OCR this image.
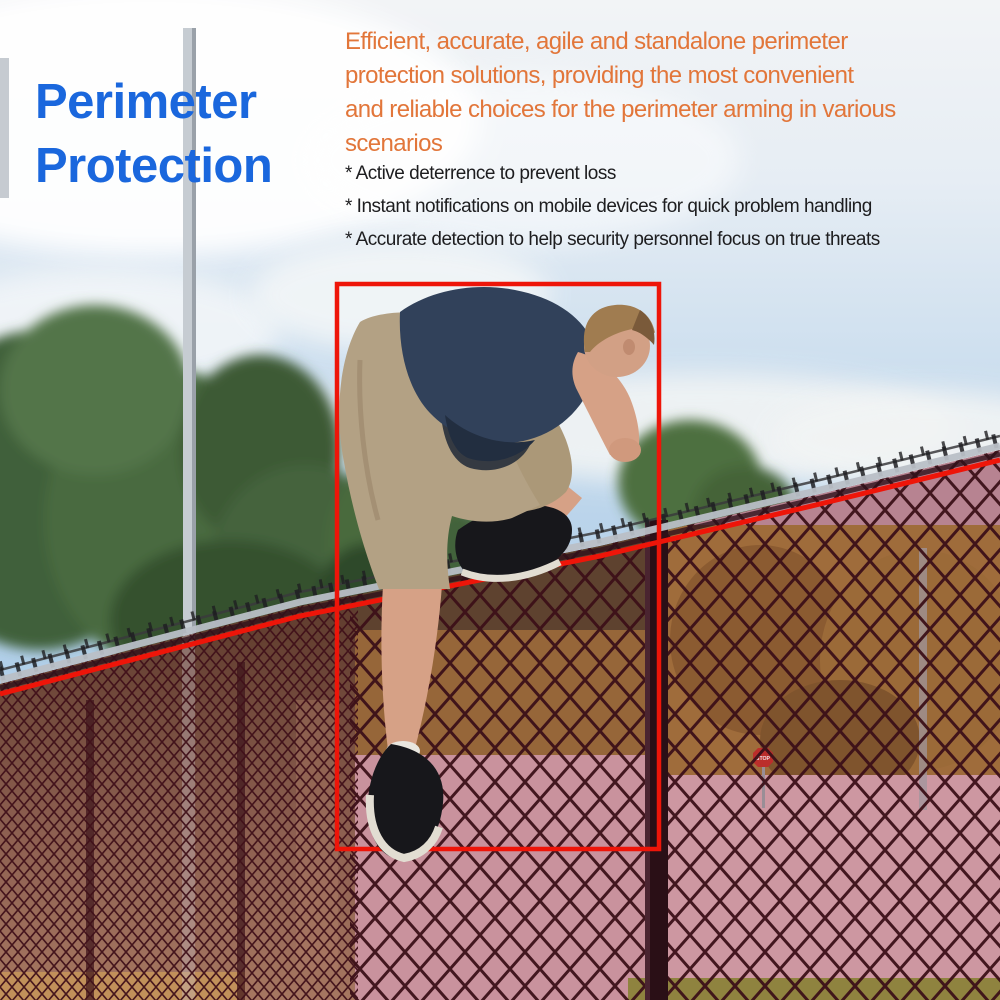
Perimeter
Protection
Efficient, accurate, agile and standalone perimeter
protection solutions, providing the most convenient
and reliable choices for the perimeter arming in various
scenarios
* Active deterrence to prevent loss
* Instant notifications on mobile devices for quick problem handling
* Accurate detection to help security personnel focus on true threats
